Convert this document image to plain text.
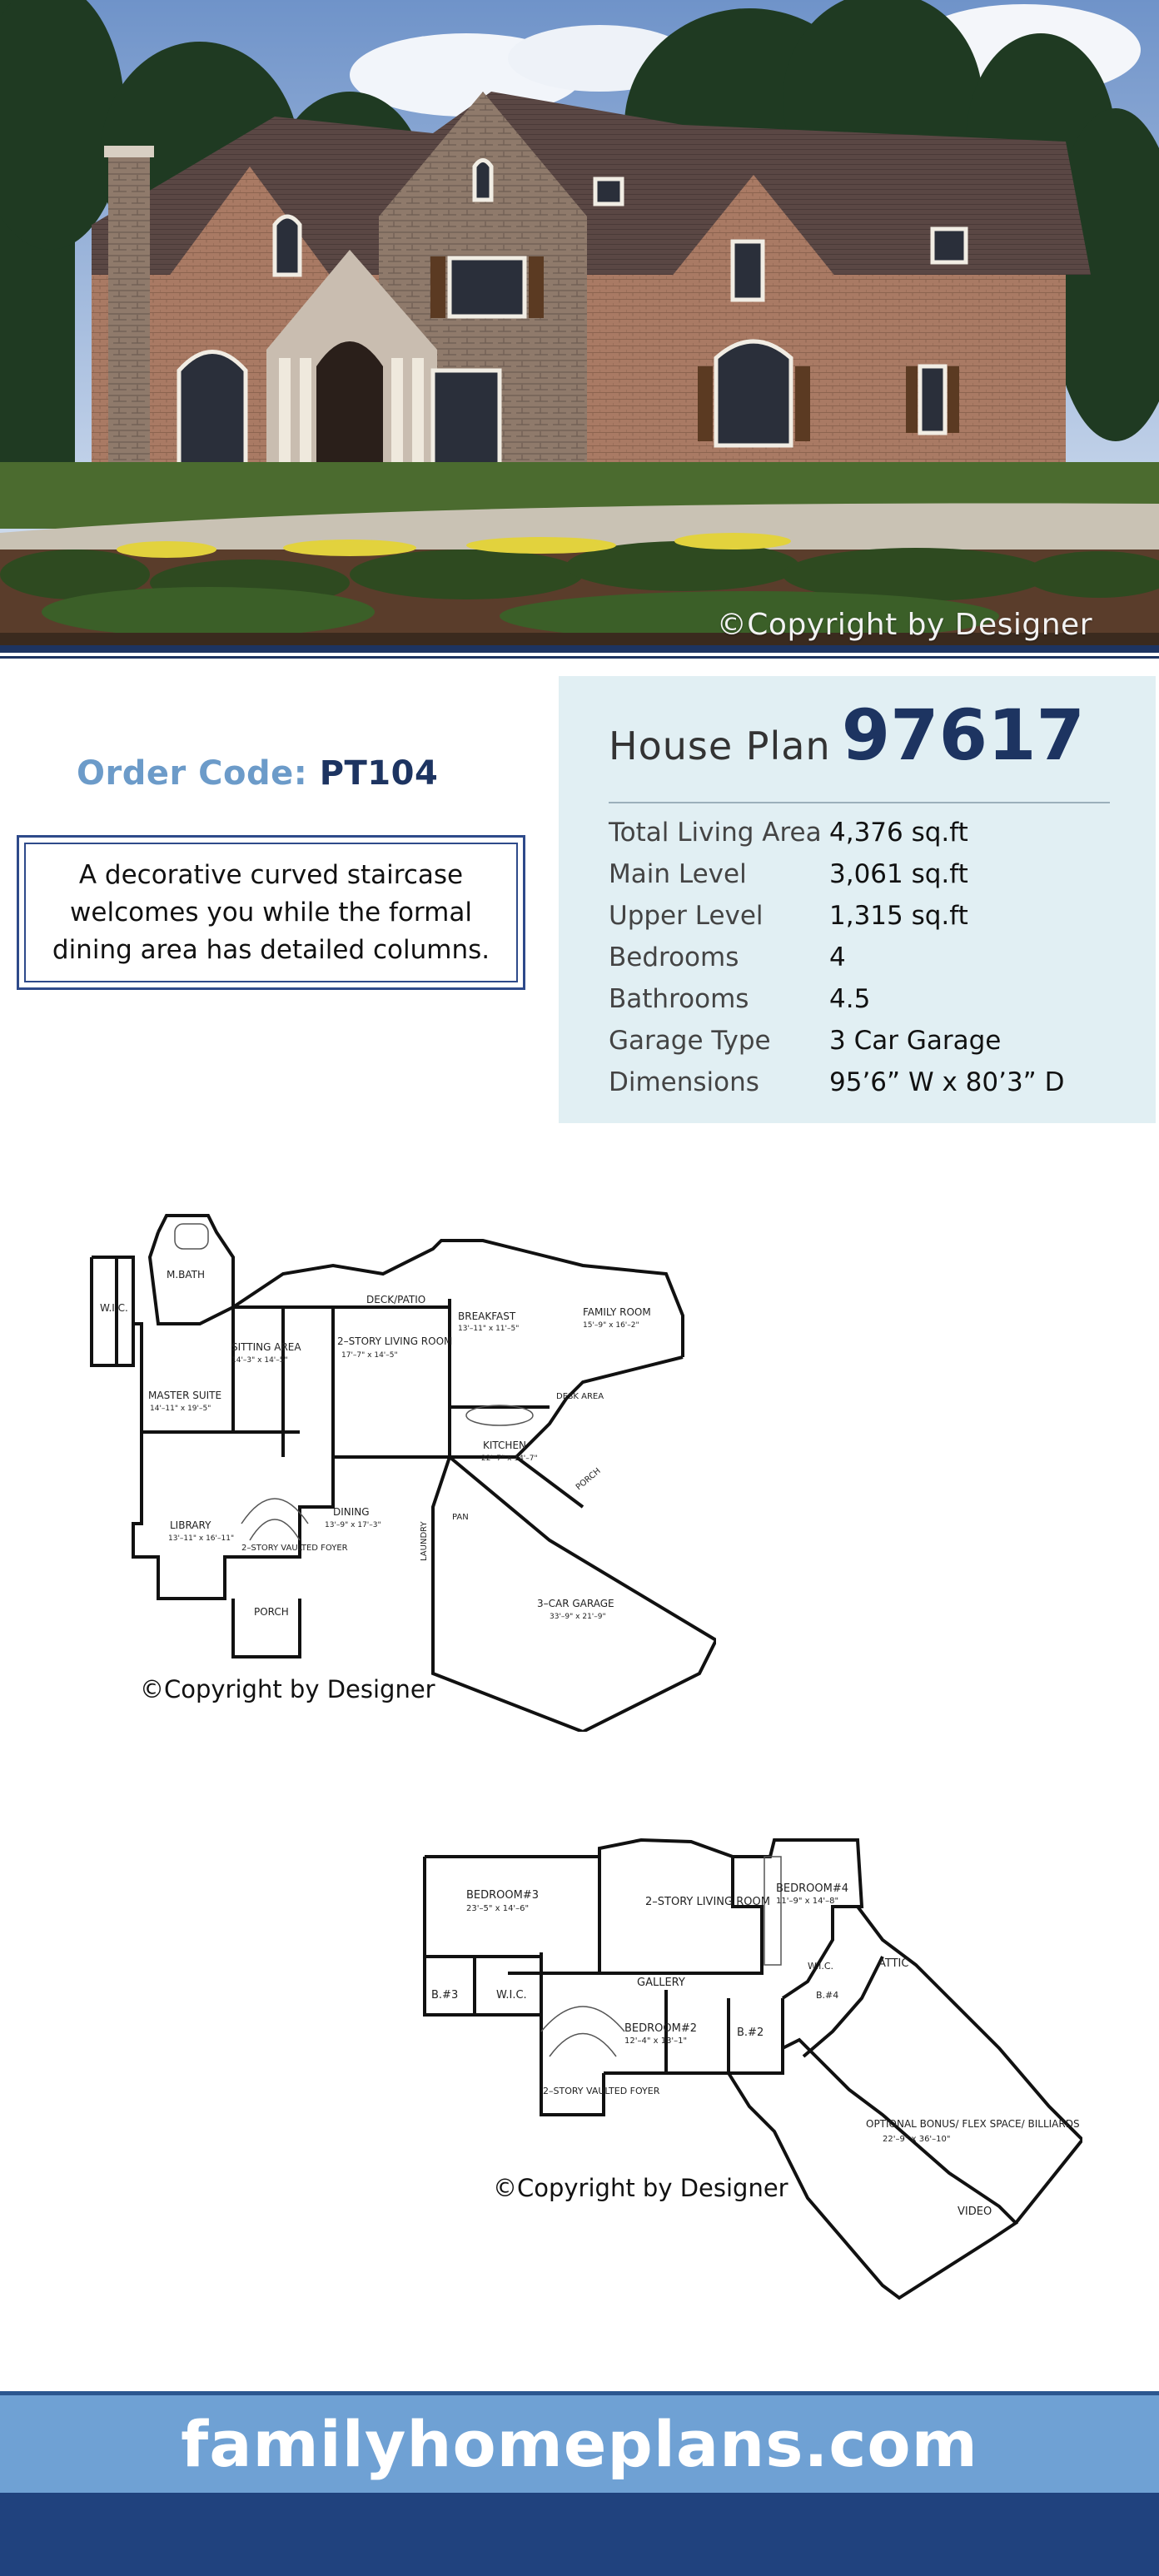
©Copyright by Designer
Order Code: PT104
A decorative curved staircase welcomes you while the formal dining area has detailed columns.
House Plan 97617
Total Living Area 4,376 sq.ft
Main Level	3,061 sq.ft
Upper Level	1,315 sq.ft
Bedrooms	4
Bathrooms	4.5
Garage Type 3 Car Garage
Dimensions	95’6” W x 80’3” D
W.I.C.
M.BATH
DECK/PATIO
SITTING AREA
14'–3" x 14'–5"
2–STORY LIVING ROOM
17'–7" x 14'–5"
BREAKFAST
13'–11" x 11'–5"
FAMILY ROOM
15'–9" x 16'–2"
MASTER SUITE
14'–11" x 19'–5"
DESK AREA
KITCHEN
22'–7" x 14'–7"
DINING
13'–9" x 17'–3"
PAN
LAUNDRY
LIBRARY
13'–11" x 16'–11"
2–STORY VAULTED FOYER
PORCH
PORCH
3–CAR GARAGE
33'–9" x 21'–9"
©Copyright by Designer
BEDROOM#3
23'–5" x 14'–6"
2–STORY LIVING ROOM
BEDROOM#4
11'–9" x 14'–8"
ATTIC
B.#3	W.I.C.
GALLERY
W.I.C.
B.#4
BEDROOM#2
12'–4" x 13'–1"
B.#2
2–STORY VAULTED FOYER
OPTIONAL BONUS/ FLEX SPACE/ BILLIARDS
22'–9" x 36'–10"
VIDEO
©Copyright by Designer
familyhomeplans.com
